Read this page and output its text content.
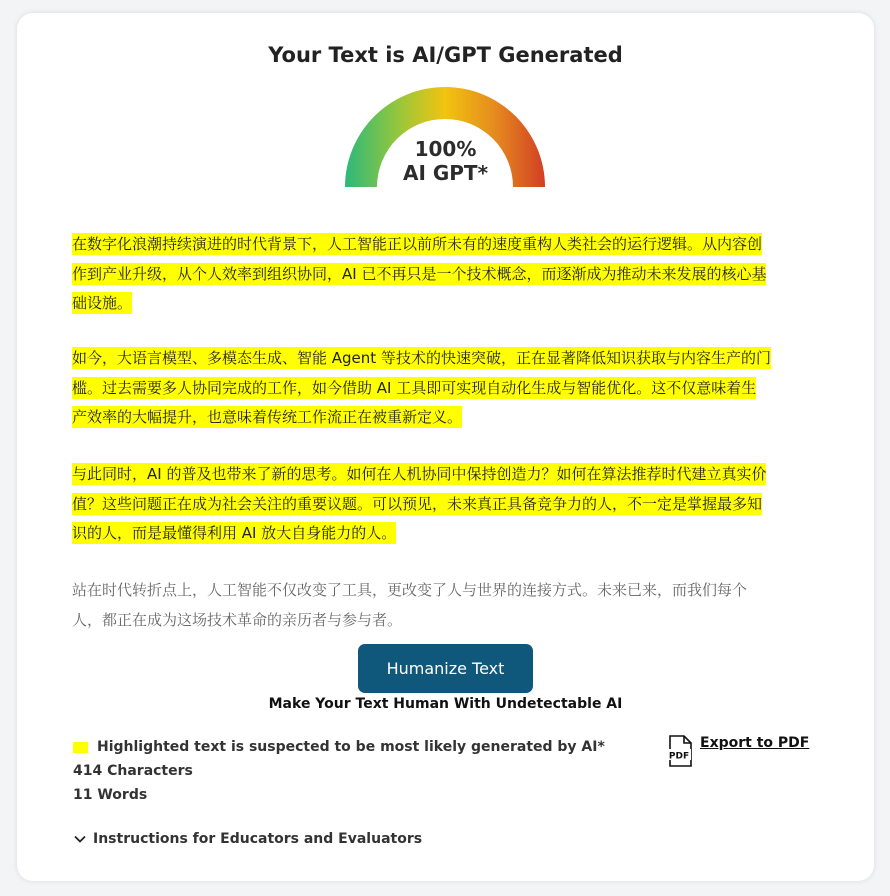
Your Text is AI/GPT Generated
100%
AI GPT*
在数字化浪潮持续演进的时代背景下，人工智能正以前所未有的速度重构人类社会的运行逻辑。从内容创
作到产业升级，从个人效率到组织协同，AI 已不再只是一个技术概念，而逐渐成为推动未来发展的核心基
础设施。
如今，大语言模型、多模态生成、智能 Agent 等技术的快速突破，正在显著降低知识获取与内容生产的门
槛。过去需要多人协同完成的工作，如今借助 AI 工具即可实现自动化生成与智能优化。这不仅意味着生
产效率的大幅提升，也意味着传统工作流正在被重新定义。
与此同时，AI 的普及也带来了新的思考。如何在人机协同中保持创造力？如何在算法推荐时代建立真实价
值？这些问题正在成为社会关注的重要议题。可以预见，未来真正具备竞争力的人，不一定是掌握最多知
识的人，而是最懂得利用 AI 放大自身能力的人。
站在时代转折点上，人工智能不仅改变了工具，更改变了人与世界的连接方式。未来已来，而我们每个
人，都正在成为这场技术革命的亲历者与参与者。
Humanize Text
Make Your Text Human With Undetectable AI
Highlighted text is suspected to be most likely generated by AI*
414 Characters
11 Words
PDF
Export to PDF
Instructions for Educators and Evaluators
